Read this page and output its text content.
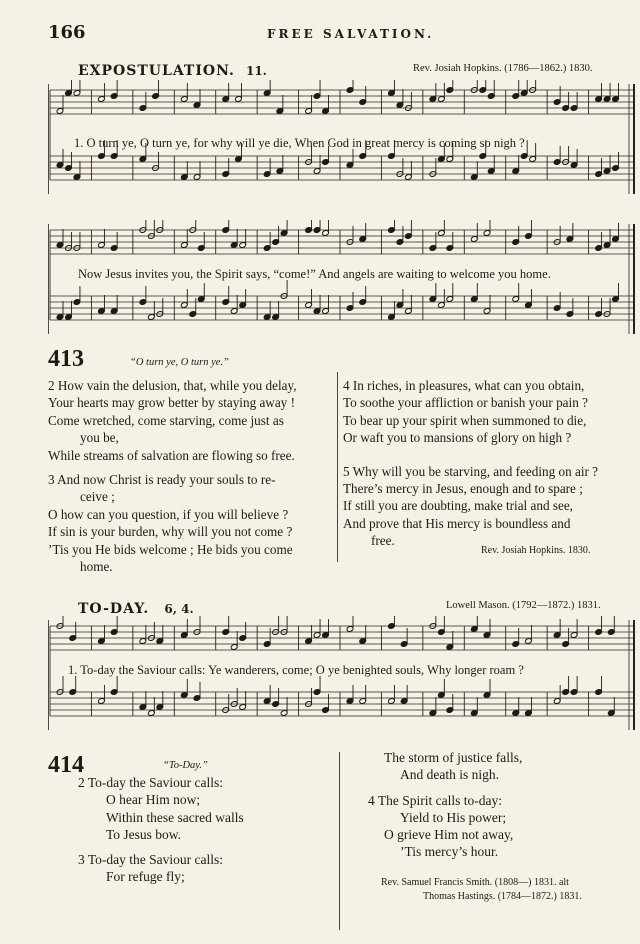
166	FREE SALVATION.
EXPOSTULATION. 11.	Rev. Josiah Hopkins. (1786—1862.) 1830.
1. O turn ye, O turn ye, for why will ye die, When God in great mercy is coming so nigh ?
Now Jesus invites you, the Spirit says, “come!” And angels are waiting to welcome you home.
413	“O turn ye, O turn ye.”
2 How vain the delusion, that, while you delay,
Your hearts may grow better by staying away !
Come wretched, come starving, come just as
you be,
While streams of salvation are flowing so free.
3 And now Christ is ready your souls to re-
ceive ;
O how can you question, if you will believe ?
If sin is your burden, why will you not come ?
’Tis you He bids welcome ; He bids you come
home.
4 In riches, in pleasures, what can you obtain,
To soothe your affliction or banish your pain ?
To bear up your spirit when summoned to die,
Or waft you to mansions of glory on high ?
5 Why will you be starving, and feeding on air ?
There’s mercy in Jesus, enough and to spare ;
If still you are doubting, make trial and see,
And prove that His mercy is boundless and
free.
Rev. Josiah Hopkins. 1830.
TO-DAY. 6, 4.	Lowell Mason. (1792—1872.) 1831.
1. To-day the Saviour calls: Ye wanderers, come; O ye benighted souls, Why longer roam ?
414	“To-Day.”
2 To-day the Saviour calls:
O hear Him now;
Within these sacred walls
To Jesus bow.
3 To-day the Saviour calls:
For refuge fly;
The storm of justice falls,
And death is nigh.
4 The Spirit calls to-day:
Yield to His power;
O grieve Him not away,
’Tis mercy’s hour.
Rev. Samuel Francis Smith. (1808—) 1831. alt
Thomas Hastings. (1784—1872.) 1831.
